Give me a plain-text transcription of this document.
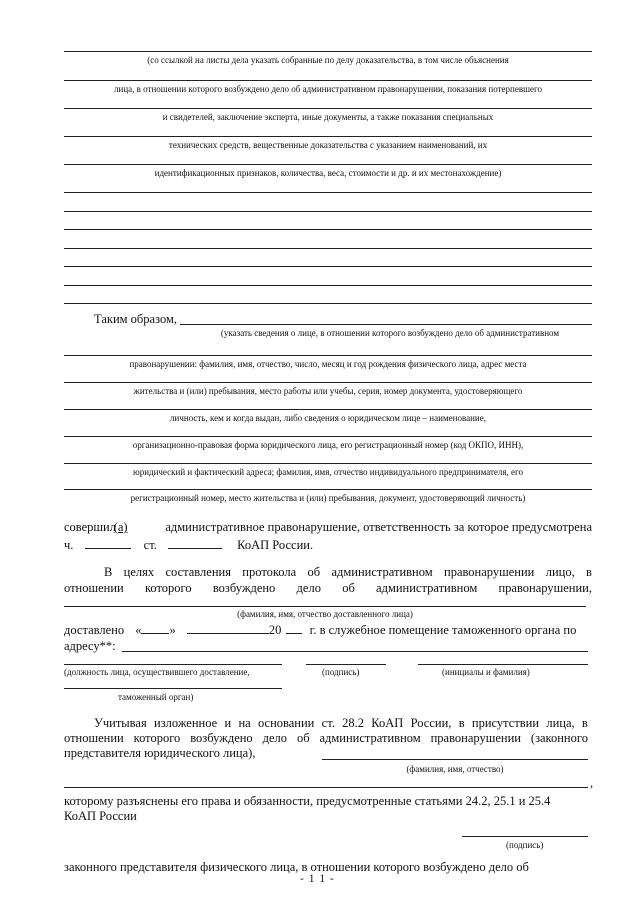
(со ссылкой на листы дела указать собранные по делу доказательства, в том числе объяснения
лица, в отношении которого возбуждено дело об административном правонарушении, показания потерпевшего
и свидетелей, заключение эксперта, иные документы, а также показания специальных
технических средств, вещественные доказательства с указанием наименований, их
идентификационных признаков, количества, веса, стоимости и др. и их местонахождение)
Таким образом,
(указать сведения о лице, в отношении которого возбуждено дело об административном
правонарушении: фамилия, имя, отчество, число, месяц и год рождения физического лица, адрес места
жительства и (или) пребывания, место работы или учебы, серия, номер документа, удостоверяющего
личность, кем и когда выдан, либо сведения о юридическом лице – наименование,
организационно-правовая форма юридического лица, его регистрационный номер (код ОКПО, ИНН),
юридический и фактический адреса; фамилия, имя, отчество индивидуального предпринимателя, его
регистрационный номер, место жительства и (или) пребывания, документ, удостоверяющий личность)
совершил
(а)	административное правонарушение, ответственность за которое предусмотрена
ч.	ст.	КоАП России.
В целях составления протокола об административном правонарушении лицо, в
отношении которого возбуждено дело об административном правонарушении,
(фамилия, имя, отчество доставленного лица)
доставлено « »	20 г. в служебное помещение таможенного органа по
адресу**:
(должность лица, осуществившего доставление,	(подпись)	(инициалы и фамилия)
таможенный орган)
Учитывая изложенное и на основании ст. 28.2 КоАП России, в присутствии лица, в
отношении которого возбуждено дело об административном правонарушении (законного
представителя юридического лица),
(фамилия, имя, отчество)
,
которому разъяснены его права и обязанности, предусмотренные статьями 24.2, 25.1 и 25.4
КоАП России
(подпись)
законного представителя физического лица, в отношении которого возбуждено дело об
- 1 1 -
